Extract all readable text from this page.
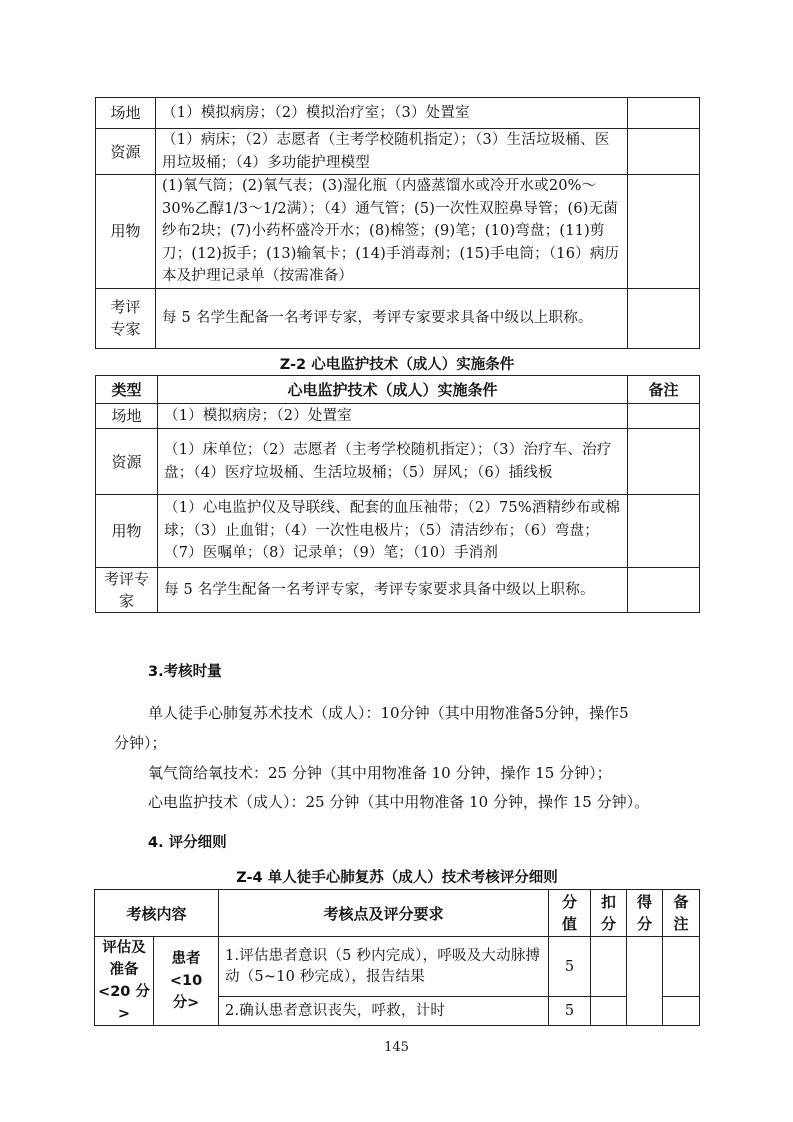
场地	（1）模拟病房；（2）模拟治疗室；（3）处置室	
资源	（1）病床；（2）志愿者（主考学校随机指定）；（3）生活垃圾桶、医用垃圾桶；（4）多功能护理模型	
用物	(1)氧气筒；(2)氧气表；(3)湿化瓶（内盛蒸馏水或冷开水或20%～30%乙醇1/3～1/2满）；（4）通气管；(5)一次性双腔鼻导管；(6)无菌纱布2块；(7)小药杯盛冷开水；(8)棉签；(9)笔；(10)弯盘；(11)剪刀；(12)扳手；(13)输氧卡；(14)手消毒剂；(15)手电筒；（16）病历本及护理记录单（按需准备）	
考评专家	每 5 名学生配备一名考评专家，考评专家要求具备中级以上职称。	
Z-2 心电监护技术（成人）实施条件
类型	心电监护技术（成人）实施条件	备注
场地	（1）模拟病房；（2）处置室	
资源	（1）床单位；（2）志愿者（主考学校随机指定）；（3）治疗车、治疗盘；（4）医疗垃圾桶、生活垃圾桶；（5）屏风；（6）插线板	
用物	（1）心电监护仪及导联线、配套的血压袖带；（2）75%酒精纱布或棉球；（3）止血钳；（4）一次性电极片；（5）清洁纱布；（6）弯盘；（7）医嘱单；（8）记录单；（9）笔；（10）手消剂	
考评专家	每 5 名学生配备一名考评专家，考评专家要求具备中级以上职称。	
3.考核时量
单人徒手心肺复苏术技术（成人）：10分钟（其中用物准备5分钟，操作5
分钟）；
氧气筒给氧技术：25 分钟（其中用物准备 10 分钟，操作 15 分钟）；
心电监护技术（成人）：25 分钟（其中用物准备 10 分钟，操作 15 分钟）。
4. 评分细则
Z-4 单人徒手心肺复苏（成人）技术考核评分细则
考核内容		考核点及评分要求	分值	扣分	得分	备注
评估及准备<20 分>	患者<10 分>	1.评估患者意识（5 秒内完成），呼吸及大动脉搏动（5~10 秒完成），报告结果	5			
		2.确认患者意识丧失，呼救，计时	5			
145
